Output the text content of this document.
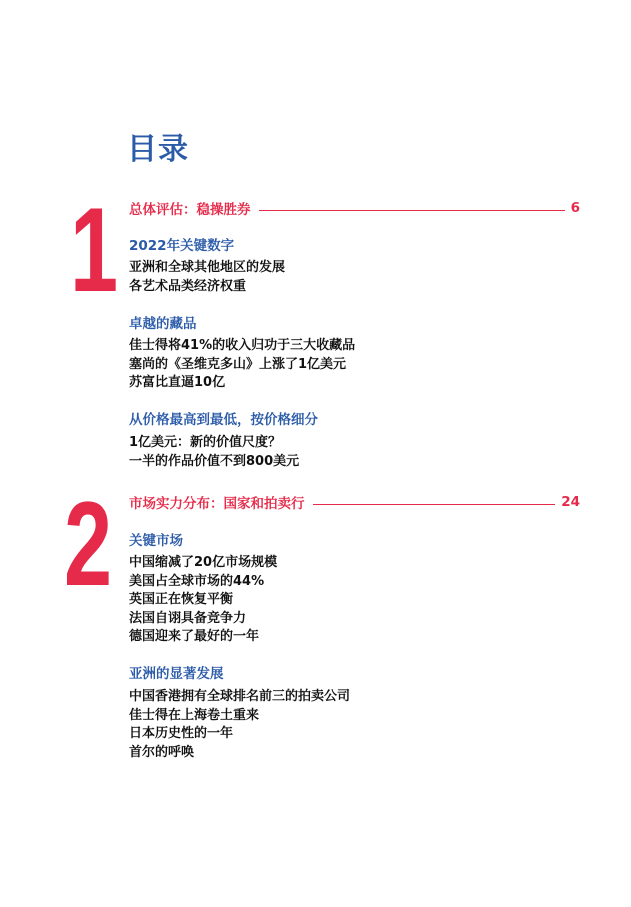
目录
1 总体评估：稳操胜券	6
2022年关键数字
亚洲和全球其他地区的发展
各艺术品类经济权重
卓越的藏品
佳士得将41%的收入归功于三大收藏品
塞尚的《圣维克多山》上涨了1亿美元
苏富比直逼10亿
从价格最高到最低，按价格细分
1亿美元：新的价值尺度？
一半的作品价值不到800美元
2 市场实力分布：国家和拍卖行	24
关键市场
中国缩减了20亿市场规模
美国占全球市场的44%
英国正在恢复平衡
法国自诩具备竞争力
德国迎来了最好的一年
亚洲的显著发展
中国香港拥有全球排名前三的拍卖公司
佳士得在上海卷土重来
日本历史性的一年
首尔的呼唤
